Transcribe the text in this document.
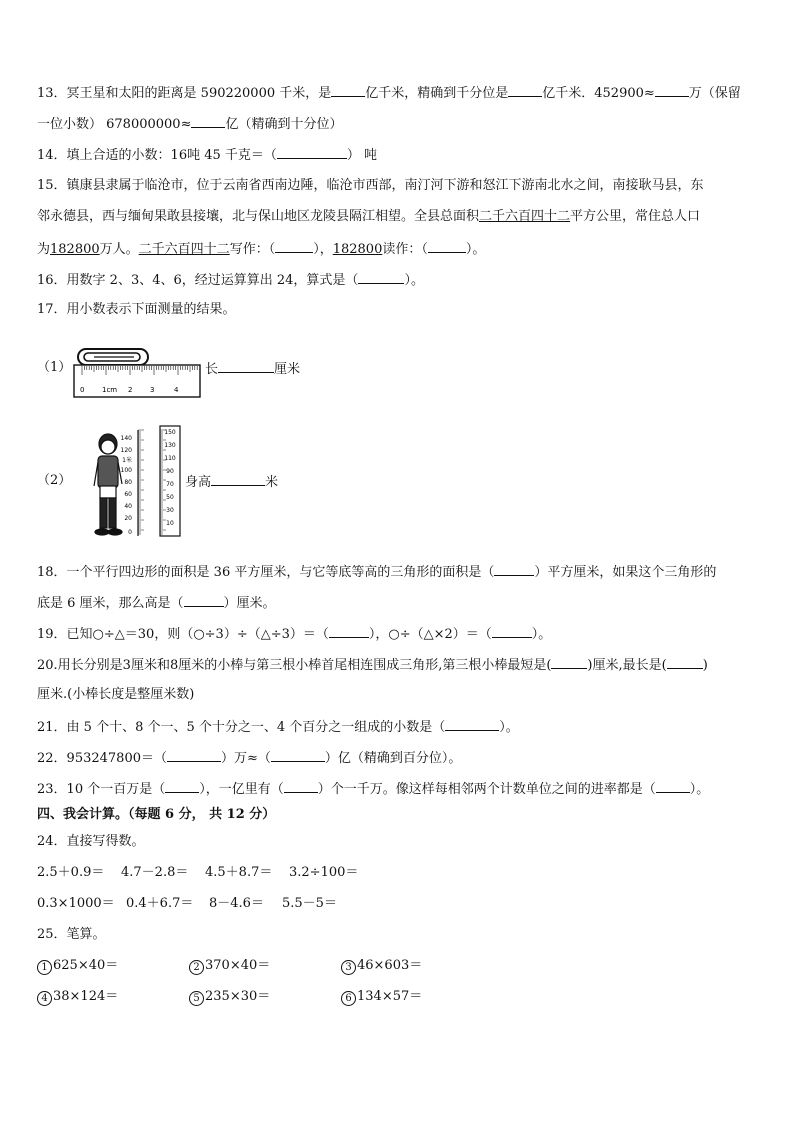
13．冥王星和太阳的距离是 590220000 千米，是	亿千米，精确到千分位是	亿千米．452900≈	万（保留
一位小数） 678000000≈	亿（精确到十分位）
14．填上合适的小数：16吨 45 千克＝（	） 吨
15．镇康县隶属于临沧市，位于云南省西南边陲，临沧市西部，南汀河下游和怒江下游南北水之间，南接耿马县，东
邻永德县，西与缅甸果敢县接壤，北与保山地区龙陵县隔江相望。全县总面积二千六百四十二平方公里，常住总人口
为182800万人。二千六百四十二写作：（	），182800读作：（	）。
16．用数字 2、3、4、6，经过运算算出 24，算式是（	）。
17．用小数表示下面测量的结果。
（1）
0	1cm 2	3	4
长	厘米
（2）
140
120
1米
100
80
60
40
20
0
150
130
110
90
70
50
30
10
身高	米
18．一个平行四边形的面积是 36 平方厘米，与它等底等高的三角形的面积是（	）平方厘米，如果这个三角形的
底是 6 厘米，那么高是（	）厘米。
19．已知○÷△＝30，则（○÷3）÷（△÷3）＝（	），○÷（△×2）＝（	）。
20.用长分别是3厘米和8厘米的小棒与第三根小棒首尾相连围成三角形,第三根小棒最短是(	)厘米,最长是(	)
厘米.(小棒长度是整厘米数)
21．由 5 个十、8 个一、5 个十分之一、4 个百分之一组成的小数是（	）。
22．953247800＝（	）万≈（	）亿（精确到百分位）。
23．10 个一百万是（	），一亿里有（	）个一千万。像这样每相邻两个计数单位之间的进率都是（	）。
四、我会计算。（每题 6 分， 共 12 分）
24．直接写得数。
2.5＋0.9＝ 4.7－2.8＝ 4.5＋8.7＝ 3.2÷100＝
0.3×1000＝ 0.4＋6.7＝ 8－4.6＝ 5.5－5＝
25．笔算。
1 625×40＝	2 370×40＝	3 46×603＝
4 38×124＝	5 235×30＝	6 134×57＝
